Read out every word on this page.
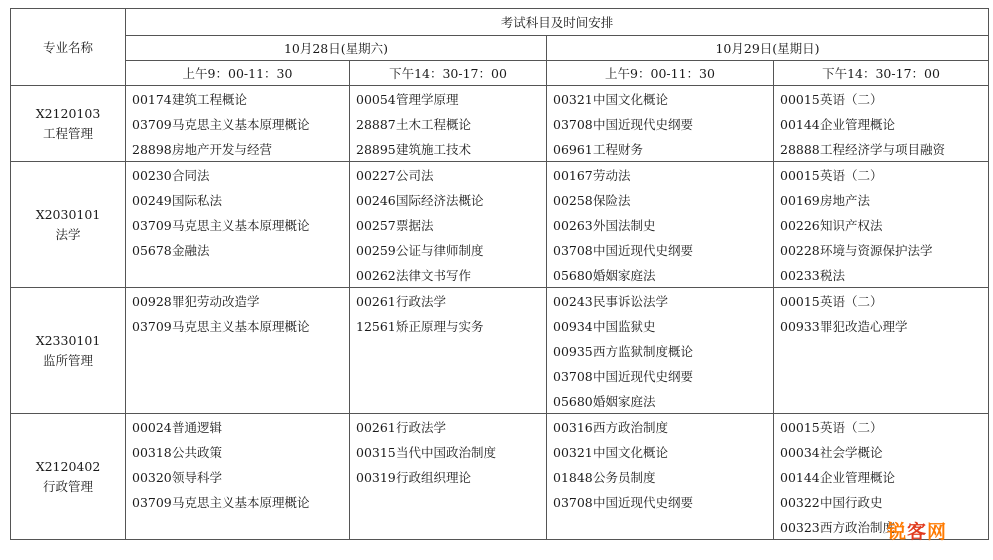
专业名称	考试科目及时间安排			
	10月28日(星期六)		10月29日(星期日)	
	上午9：00-11：30	下午14：30-17：00	上午9：00-11：30	下午14：30-17：00

X2120103
工程管理	00174建筑工程概论	00054管理学原理	00321中国文化概论	00015英语（二）
	03709马克思主义基本原理概论	28887土木工程概论	03708中国近现代史纲要	00144企业管理概论
	28898房地产开发与经营	28895建筑施工技术	06961工程财务	28888工程经济学与项目融资

X2030101
法学	00230合同法	00227公司法	00167劳动法	00015英语（二）
	00249国际私法	00246国际经济法概论	00258保险法	00169房地产法
	03709马克思主义基本原理概论	00257票据法	00263外国法制史	00226知识产权法
	05678金融法	00259公证与律师制度	03708中国近现代史纲要	00228环境与资源保护法学
		00262法律文书写作	05680婚姻家庭法	00233税法

X2330101
监所管理	00928罪犯劳动改造学	00261行政法学	00243民事诉讼法学	00015英语（二）
	03709马克思主义基本原理概论	12561矫正原理与实务	00934中国监狱史	00933罪犯改造心理学
			00935西方监狱制度概论	
			03708中国近现代史纲要	
			05680婚姻家庭法	

X2120402
行政管理	00024普通逻辑	00261行政法学	00316西方政治制度	00015英语（二）
	00318公共政策	00315当代中国政治制度	00321中国文化概论	00034社会学概论
	00320领导科学	00319行政组织理论	01848公务员制度	00144企业管理概论
	03709马克思主义基本原理概论		03708中国近现代史纲要	00322中国行政史
				00323西方政治制度
锐客网
